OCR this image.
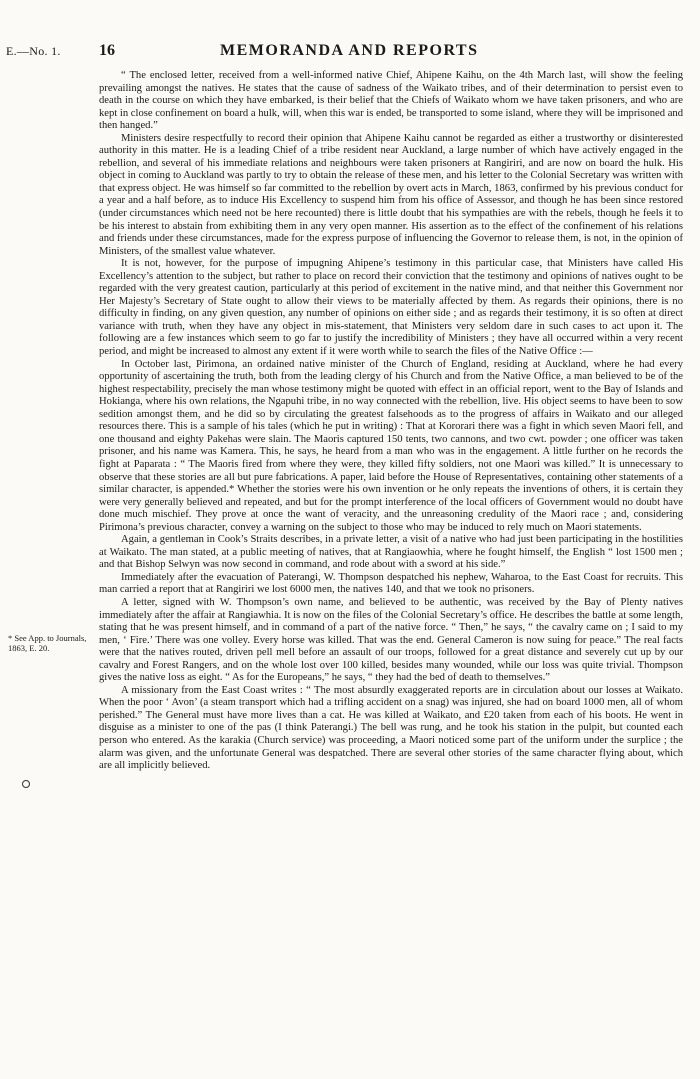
E.—No. 1. 16	MEMORANDA AND REPORTS
* See App. to Journals, 1863, E. 20.

“ The enclosed letter, received from a well-informed native Chief, Ahipene Kaihu, on the 4th March last, will show the feeling prevailing amongst the natives. He states that the cause of sadness of the Waikato tribes, and of their determination to persist even to death in the course on which they have embarked, is their belief that the Chiefs of Waikato whom we have taken prisoners, and who are kept in close confinement on board a hulk, will, when this war is ended, be transported to some island, where they will be imprisoned and then hanged.”

Ministers desire respectfully to record their opinion that Ahipene Kaihu cannot be regarded as either a trustworthy or disinterested authority in this matter. He is a leading Chief of a tribe resident near Auckland, a large number of which have actively engaged in the rebellion, and several of his immediate relations and neighbours were taken prisoners at Rangiriri, and are now on board the hulk. His object in coming to Auckland was partly to try to obtain the release of these men, and his letter to the Colonial Secretary was written with that express object. He was himself so far committed to the rebellion by overt acts in March, 1863, confirmed by his previous conduct for a year and a half before, as to induce His Excellency to suspend him from his office of Assessor, and though he has been since restored (under circumstances which need not be here recounted) there is little doubt that his sympathies are with the rebels, though he feels it to be his interest to abstain from exhibiting them in any very open manner. His assertion as to the effect of the confinement of his relations and friends under these circumstances, made for the express purpose of influencing the Governor to release them, is not, in the opinion of Ministers, of the smallest value whatever.

It is not, however, for the purpose of impugning Ahipene’s testimony in this particular case, that Ministers have called His Excellency’s attention to the subject, but rather to place on record their conviction that the testimony and opinions of natives ought to be regarded with the very greatest caution, particularly at this period of excitement in the native mind, and that neither this Government nor Her Majesty’s Secretary of State ought to allow their views to be materially affected by them. As regards their opinions, there is no difficulty in finding, on any given question, any number of opinions on either side ; and as regards their testimony, it is so often at direct variance with truth, when they have any object in mis-statement, that Ministers very seldom dare in such cases to act upon it. The following are a few instances which seem to go far to justify the incredibility of Ministers ; they have all occurred within a very recent period, and might be increased to almost any extent if it were worth while to search the files of the Native Office :—

In October last, Pirimona, an ordained native minister of the Church of England, residing at Auckland, where he had every opportunity of ascertaining the truth, both from the leading clergy of his Church and from the Native Office, a man believed to be of the highest respectability, precisely the man whose testimony might be quoted with effect in an official report, went to the Bay of Islands and Hokianga, where his own relations, the Ngapuhi tribe, in no way connected with the rebellion, live. His object seems to have been to sow sedition amongst them, and he did so by circulating the greatest falsehoods as to the progress of affairs in Waikato and our alleged resources there. This is a sample of his tales (which he put in writing) : That at Kororari there was a fight in which seven Maori fell, and one thousand and eighty Pakehas were slain. The Maoris captured 150 tents, two cannons, and two cwt. powder ; one officer was taken prisoner, and his name was Kamera. This, he says, he heard from a man who was in the engagement. A little further on he records the fight at Paparata : “ The Maoris fired from where they were, they killed fifty soldiers, not one Maori was killed.” It is unnecessary to observe that these stories are all but pure fabrications. A paper, laid before the House of Representatives, containing other statements of a similar character, is appended.* Whether the stories were his own invention or he only repeats the inventions of others, it is certain they were very generally believed and repeated, and but for the prompt interference of the local officers of Government would no doubt have done much mischief. They prove at once the want of veracity, and the unreasoning credulity of the Maori race ; and, considering Pirimona’s previous character, convey a warning on the subject to those who may be induced to rely much on Maori statements.

Again, a gentleman in Cook’s Straits describes, in a private letter, a visit of a native who had just been participating in the hostilities at Waikato. The man stated, at a public meeting of natives, that at Rangiaowhia, where he fought himself, the English “ lost 1500 men ; and that Bishop Selwyn was now second in command, and rode about with a sword at his side.”

Immediately after the evacuation of Paterangi, W. Thompson despatched his nephew, Waharoa, to the East Coast for recruits. This man carried a report that at Rangiriri we lost 6000 men, the natives 140, and that we took no prisoners.

A letter, signed with W. Thompson’s own name, and believed to be authentic, was received by the Bay of Plenty natives immediately after the affair at Rangiawhia. It is now on the files of the Colonial Secretary’s office. He describes the battle at some length, stating that he was present himself, and in command of a part of the native force. “ Then,” he says, “ the cavalry came on ; I said to my men, ‘ Fire.’ There was one volley. Every horse was killed. That was the end. General Cameron is now suing for peace.” The real facts were that the natives routed, driven pell mell before an assault of our troops, followed for a great distance and severely cut up by our cavalry and Forest Rangers, and on the whole lost over 100 killed, besides many wounded, while our loss was quite trivial. Thompson gives the native loss as eight. “ As for the Europeans,” he says, “ they had the bed of death to themselves.”

A missionary from the East Coast writes : “ The most absurdly exaggerated reports are in circulation about our losses at Waikato. When the poor ‘ Avon’ (a steam transport which had a trifling accident on a snag) was injured, she had on board 1000 men, all of whom perished.” The General must have more lives than a cat. He was killed at Waikato, and £20 taken from each of his boots. He went in disguise as a minister to one of the pas (I think Paterangi.) The bell was rung, and he took his station in the pulpit, but counted each person who entered. As the karakia (Church service) was proceeding, a Maori noticed some part of the uniform under the surplice ; the alarm was given, and the unfortunate General was despatched. There are several other stories of the same character flying about, which are all implicitly believed.
